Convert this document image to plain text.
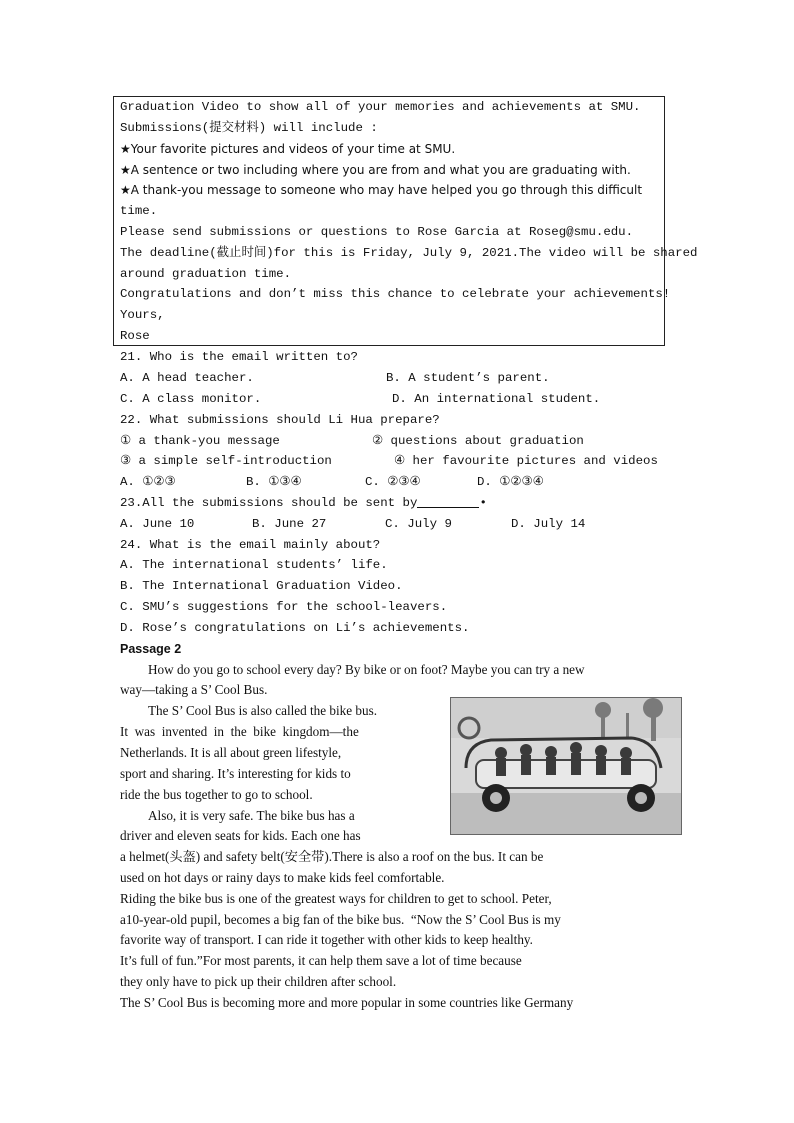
Graduation Video to show all of your memories and achievements at SMU.
Submissions(提交材料) will include :
★Your favorite pictures and videos of your time at SMU.
★A sentence or two including where you are from and what you are graduating with.
★A thank-you message to someone who may have helped you go through this difficult
time.
Please send submissions or questions to Rose Garcia at Roseg@smu.edu.
The deadline(截止时间)for this is Friday, July 9, 2021.The video will be shared
around graduation time.
Congratulations and don’t miss this chance to celebrate your achievements!
Yours,
Rose
21. Who is the email written to?
A. A head teacher.	B. A student’s parent.
C. A class monitor.	D. An international student.
22. What submissions should Li Hua prepare?
① a thank-you message	② questions about graduation
③ a simple self-introduction	④ her favourite pictures and videos
A. ①②③	B. ①③④	C. ②③④	D. ①②③④
23.All the submissions should be sent by	•
A. June 10	B. June 27	C. July 9	D. July 14
24. What is the email mainly about?
A. The international students’ life.
B. The International Graduation Video.
C. SMU’s suggestions for the school-leavers.
D. Rose’s congratulations on Li’s achievements.
Passage 2
How do you go to school every day? By bike or on foot? Maybe you can try a new
way—taking a S’ Cool Bus.
The S’ Cool Bus is also called the bike bus.
It  was  invented  in  the  bike  kingdom—the
Netherlands. It is all about green lifestyle,
sport and sharing. It’s interesting for kids to
ride the bus together to go to school.
Also, it is very safe. The bike bus has a
driver and eleven seats for kids. Each one has
a helmet(头盔) and safety belt(安全带).There is also a roof on the bus. It can be
used on hot days or rainy days to make kids feel comfortable.
Riding the bike bus is one of the greatest ways for children to get to school. Peter,
a10-year-old pupil, becomes a big fan of the bike bus.  “Now the S’ Cool Bus is my
favorite way of transport. I can ride it together with other kids to keep healthy.
It’s full of fun.”For most parents, it can help them save a lot of time because
they only have to pick up their children after school.
The S’ Cool Bus is becoming more and more popular in some countries like Germany
